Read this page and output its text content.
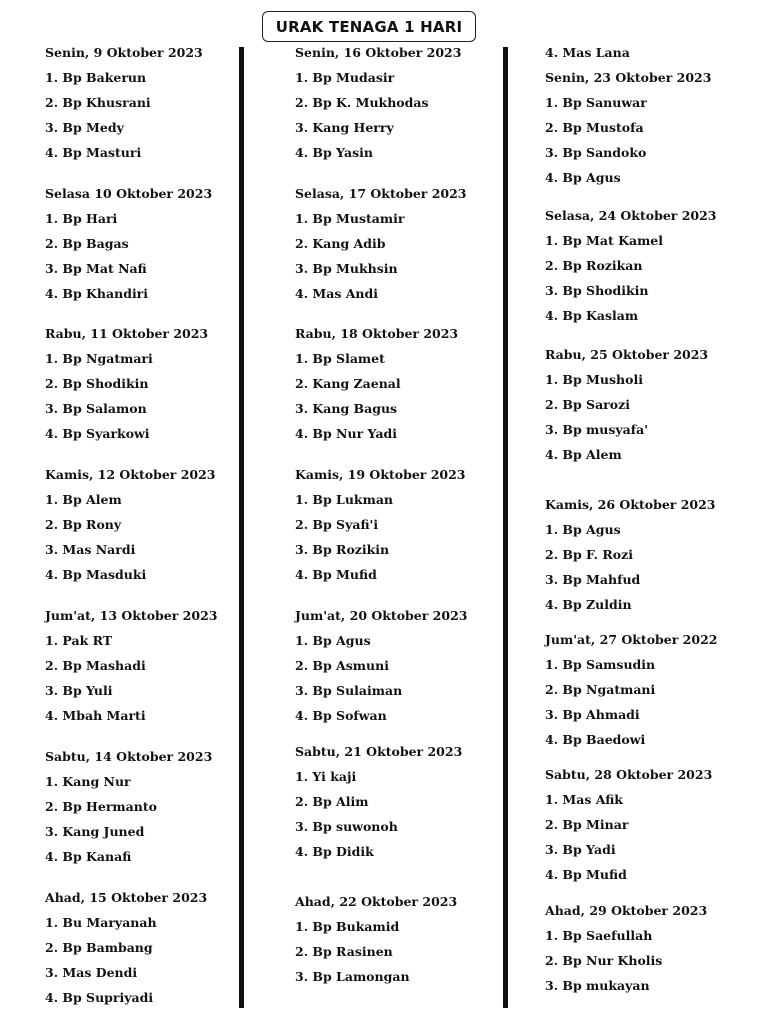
URAK TENAGA 1 HARI
Senin, 9 Oktober 2023
1. Bp Bakerun
2. Bp Khusrani
3. Bp Medy
4. Bp Masturi
Selasa 10 Oktober 2023
1. Bp Hari
2. Bp Bagas
3. Bp Mat Nafi
4. Bp Khandiri
Rabu, 11 Oktober 2023
1. Bp Ngatmari
2. Bp Shodikin
3. Bp Salamon
4. Bp Syarkowi
Kamis, 12 Oktober 2023
1. Bp Alem
2. Bp Rony
3. Mas Nardi
4. Bp Masduki
Jum'at, 13 Oktober 2023
1. Pak RT
2. Bp Mashadi
3. Bp Yuli
4. Mbah Marti
Sabtu, 14 Oktober 2023
1. Kang Nur
2. Bp Hermanto
3. Kang Juned
4. Bp Kanafi
Ahad, 15 Oktober 2023
1. Bu Maryanah
2. Bp Bambang
3. Mas Dendi
4. Bp Supriyadi
Senin, 16 Oktober 2023
1. Bp Mudasir
2. Bp K. Mukhodas
3. Kang Herry
4. Bp Yasin
Selasa, 17 Oktober 2023
1. Bp Mustamir
2. Kang Adib
3. Bp Mukhsin
4. Mas Andi
Rabu, 18 Oktober 2023
1. Bp Slamet
2. Kang Zaenal
3. Kang Bagus
4. Bp Nur Yadi
Kamis, 19 Oktober 2023
1. Bp Lukman
2. Bp Syafi'i
3. Bp Rozikin
4. Bp Mufid
Jum'at, 20 Oktober 2023
1. Bp Agus
2. Bp Asmuni
3. Bp Sulaiman
4. Bp Sofwan
Sabtu, 21 Oktober 2023
1. Yi kaji
2. Bp Alim
3. Bp suwonoh
4. Bp Didik
Ahad, 22 Oktober 2023
1. Bp Bukamid
2. Bp Rasinen
3. Bp Lamongan
4. Mas Lana
Senin, 23 Oktober 2023
1. Bp Sanuwar
2. Bp Mustofa
3. Bp Sandoko
4. Bp Agus
Selasa, 24 Oktober 2023
1. Bp Mat Kamel
2. Bp Rozikan
3. Bp Shodikin
4. Bp Kaslam
Rabu, 25 Oktober 2023
1. Bp Musholi
2. Bp Sarozi
3. Bp musyafa'
4. Bp Alem
Kamis, 26 Oktober 2023
1. Bp Agus
2. Bp F. Rozi
3. Bp Mahfud
4. Bp Zuldin
Jum'at, 27 Oktober 2022
1. Bp Samsudin
2. Bp Ngatmani
3. Bp Ahmadi
4. Bp Baedowi
Sabtu, 28 Oktober 2023
1. Mas Afik
2. Bp Minar
3. Bp Yadi
4. Bp Mufid
Ahad, 29 Oktober 2023
1. Bp Saefullah
2. Bp Nur Kholis
3. Bp mukayan
